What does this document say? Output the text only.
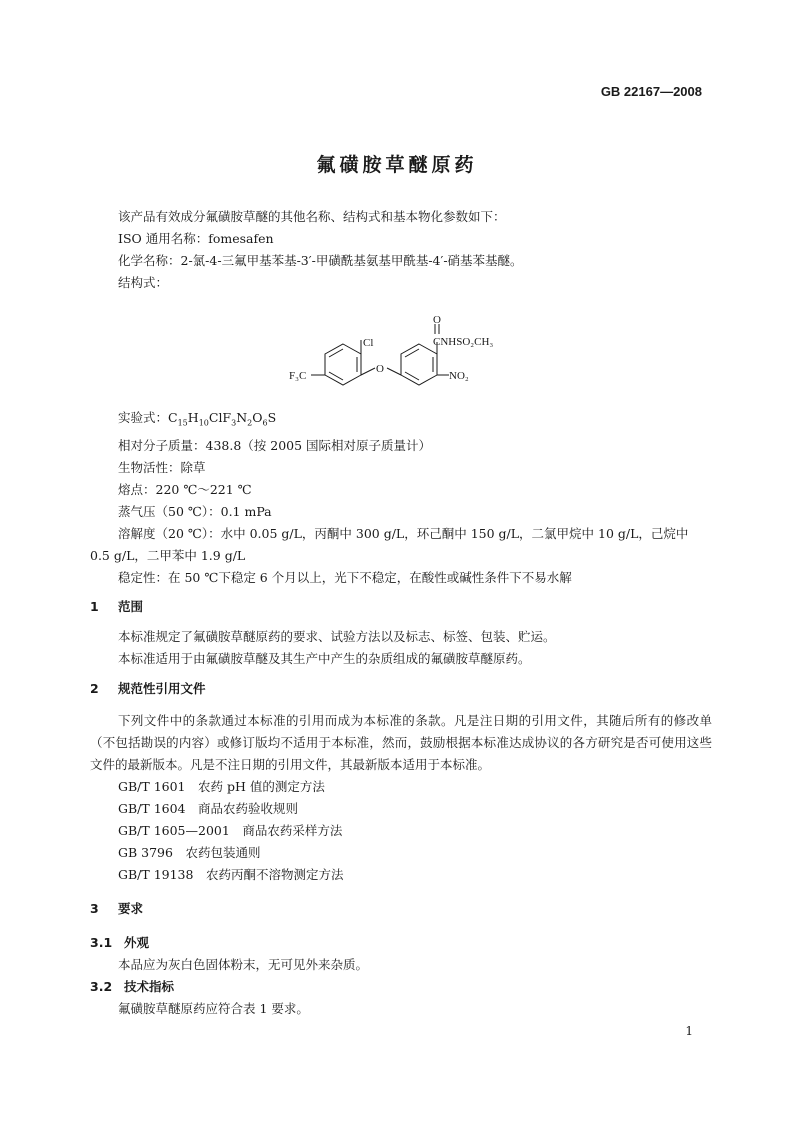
GB 22167—2008
氟磺胺草醚原药

该产品有效成分氟磺胺草醚的其他名称、结构式和基本物化参数如下：

ISO 通用名称：fomesafen

化学名称：2-氯-4-三氟甲基苯基-3′-甲磺酰基氨基甲酰基-4′-硝基苯基醚。

结构式：

O
Cl
F₃C
O
CNHSO₂CH₃
NO₂

实验式：$C_{15}H_{10}ClF_3N_2O_6S$

相对分子质量：438.8（按 2005 国际相对原子质量计）

生物活性：除草

熔点：220 ℃～221 ℃

蒸气压（50 ℃）：0.1 mPa

溶解度（20 ℃）：水中 0.05 g/L，丙酮中 300 g/L，环己酮中 150 g/L，二氯甲烷中 10 g/L，己烷中

0.5 g/L，二甲苯中 1.9 g/L

稳定性：在 50 ℃下稳定 6 个月以上，光下不稳定，在酸性或碱性条件下不易水解

1 范围

本标准规定了氟磺胺草醚原药的要求、试验方法以及标志、标签、包装、贮运。

本标准适用于由氟磺胺草醚及其生产中产生的杂质组成的氟磺胺草醚原药。

2 规范性引用文件

下列文件中的条款通过本标准的引用而成为本标准的条款。凡是注日期的引用文件，其随后所有的修改单（不包括勘误的内容）或修订版均不适用于本标准，然而，鼓励根据本标准达成协议的各方研究是否可使用这些文件的最新版本。凡是不注日期的引用文件，其最新版本适用于本标准。

GB/T 1601　农药 pH 值的测定方法

GB/T 1604　商品农药验收规则

GB/T 1605—2001　商品农药采样方法

GB 3796　农药包装通则

GB/T 19138　农药丙酮不溶物测定方法

3 要求

3.1 外观

本品应为灰白色固体粉末，无可见外来杂质。

3.2 技术指标

氟磺胺草醚原药应符合表 1 要求。

1
